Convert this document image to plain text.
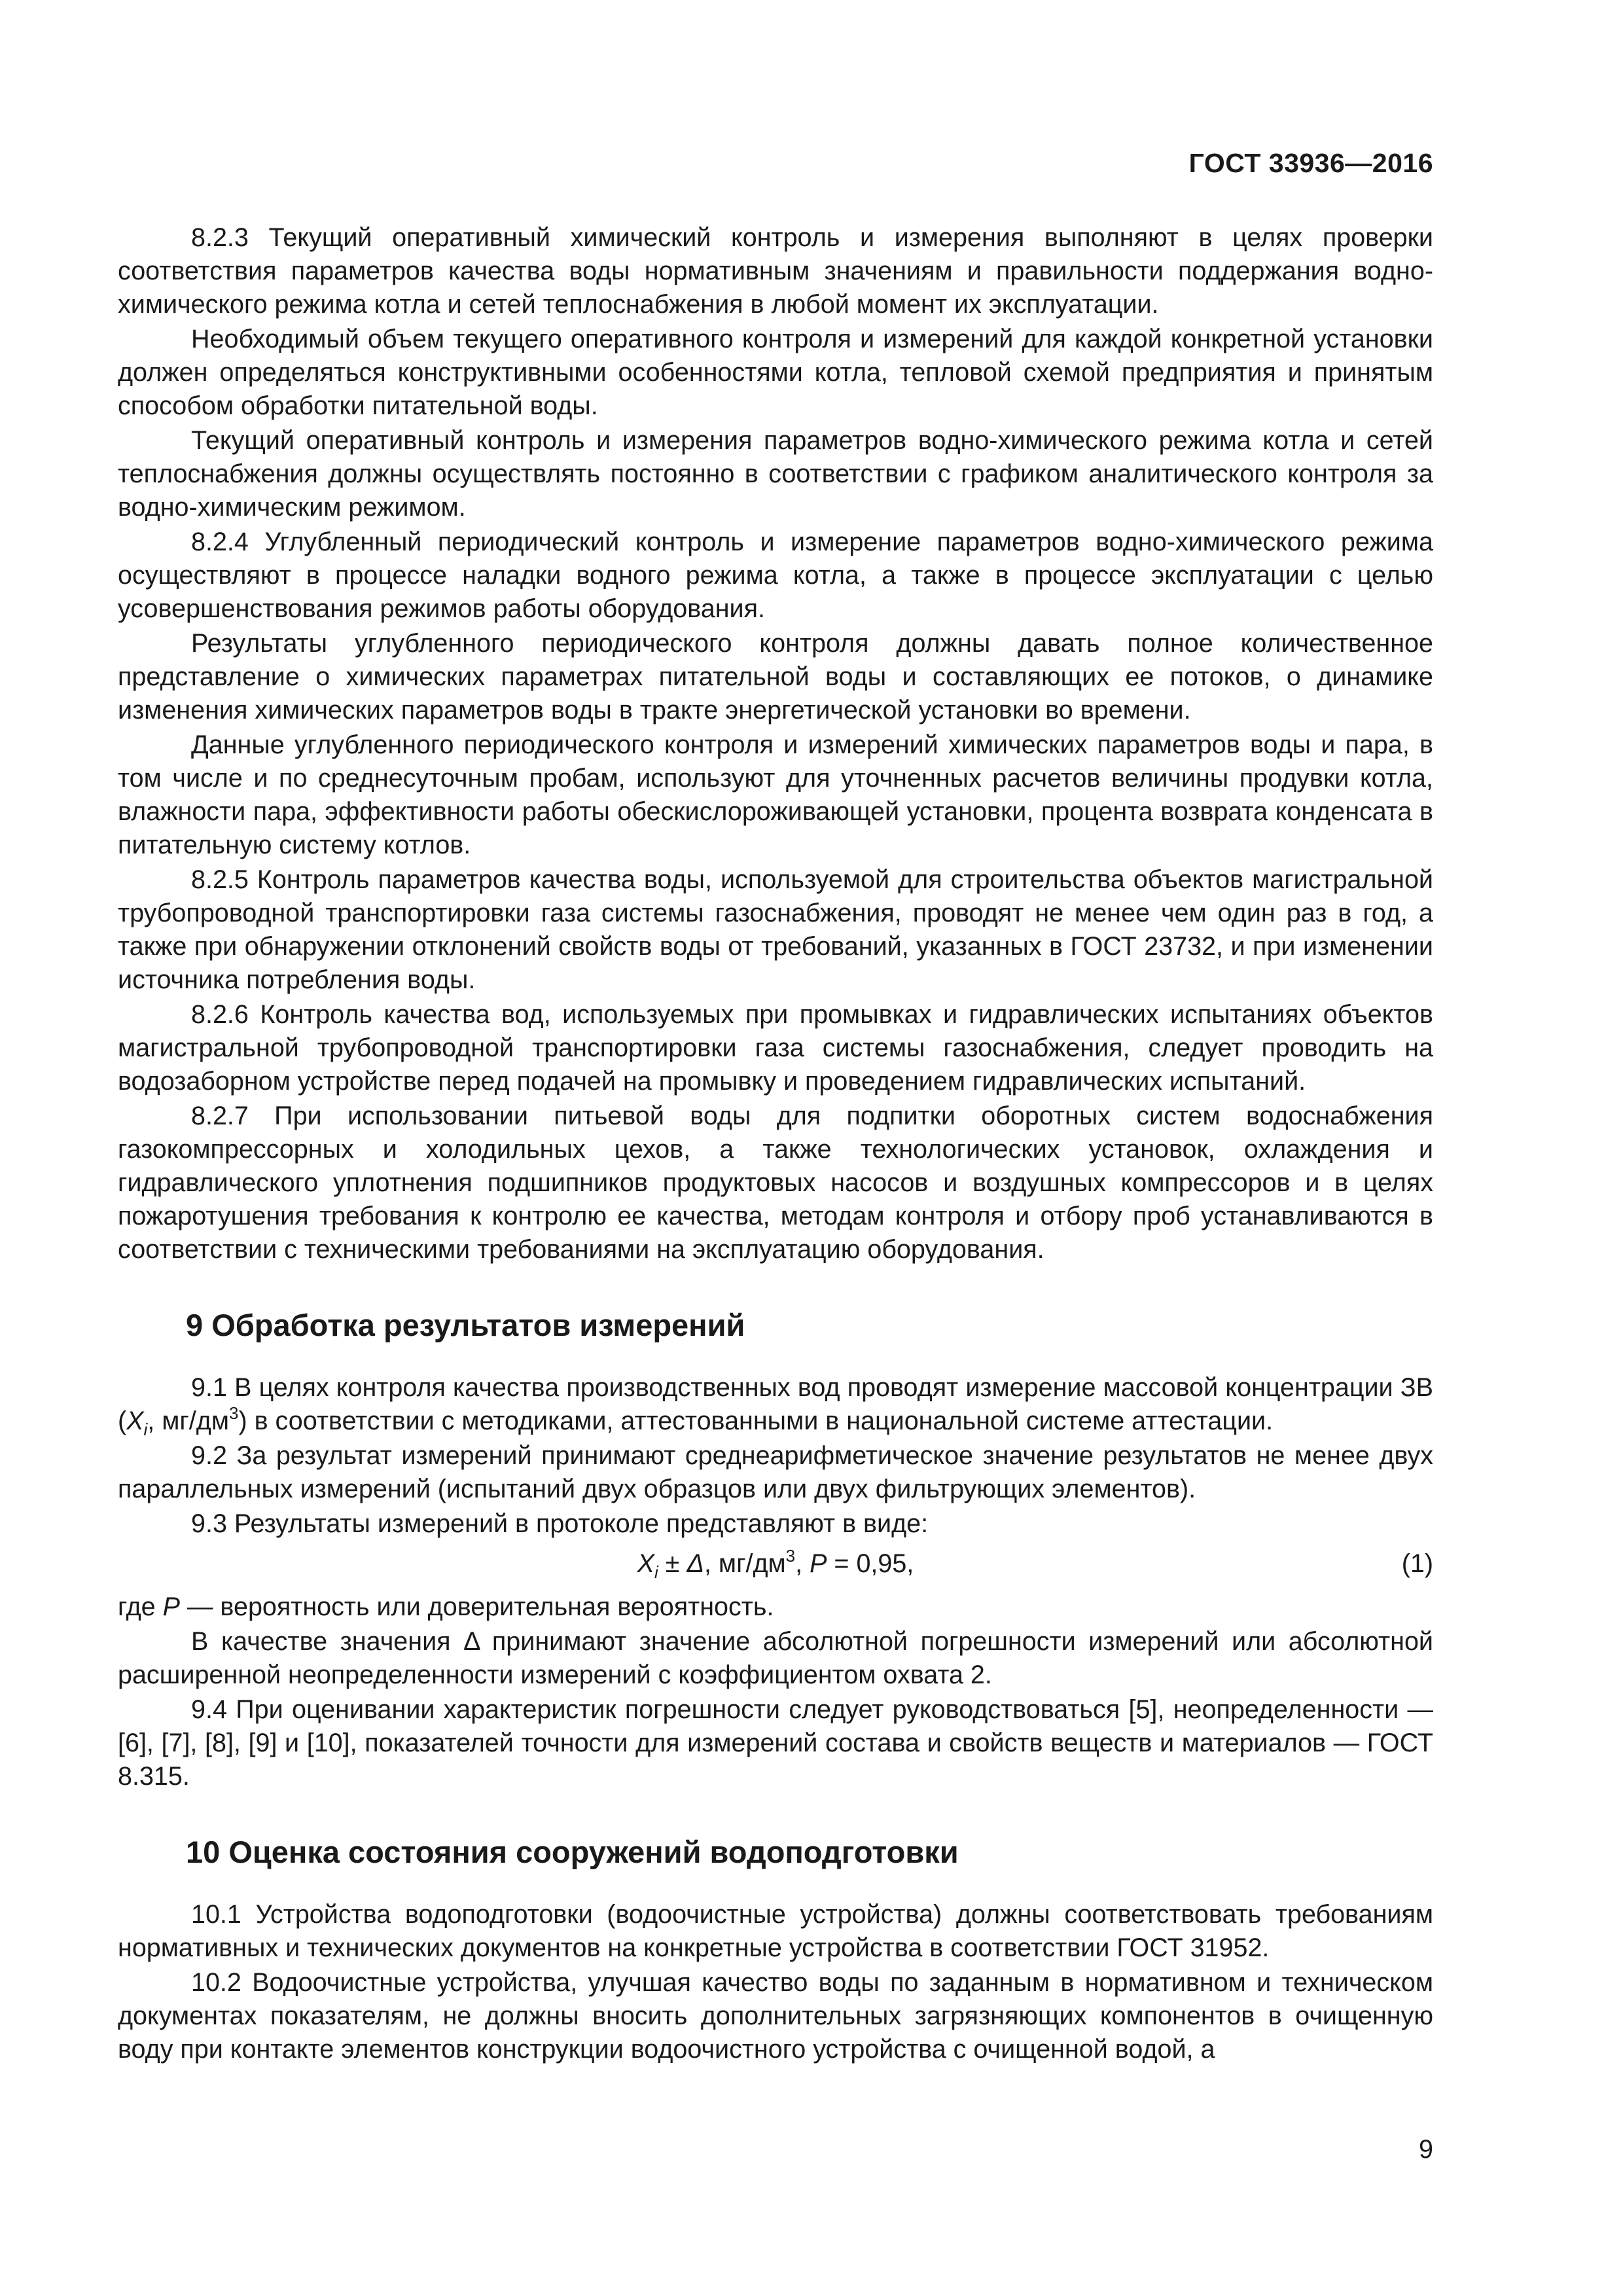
ГОСТ 33936—2016

8.2.3 Текущий оперативный химический контроль и измерения выполняют в целях проверки соответствия параметров качества воды нормативным значениям и правильности поддержания водно-химического режима котла и сетей теплоснабжения в любой момент их эксплуатации.

Необходимый объем текущего оперативного контроля и измерений для каждой конкретной установки должен определяться конструктивными особенностями котла, тепловой схемой предприятия и принятым способом обработки питательной воды.

Текущий оперативный контроль и измерения параметров водно-химического режима котла и сетей теплоснабжения должны осуществлять постоянно в соответствии с графиком аналитического контроля за водно-химическим режимом.

8.2.4 Углубленный периодический контроль и измерение параметров водно-химического режима осуществляют в процессе наладки водного режима котла, а также в процессе эксплуатации с целью усовершенствования режимов работы оборудования.

Результаты углубленного периодического контроля должны давать полное количественное представление о химических параметрах питательной воды и составляющих ее потоков, о динамике изменения химических параметров воды в тракте энергетической установки во времени.

Данные углубленного периодического контроля и измерений химических параметров воды и пара, в том числе и по среднесуточным пробам, используют для уточненных расчетов величины продувки котла, влажности пара, эффективности работы обескислороживающей установки, процента возврата конденсата в питательную систему котлов.

8.2.5 Контроль параметров качества воды, используемой для строительства объектов магистральной трубопроводной транспортировки газа системы газоснабжения, проводят не менее чем один раз в год, а также при обнаружении отклонений свойств воды от требований, указанных в ГОСТ 23732, и при изменении источника потребления воды.

8.2.6 Контроль качества вод, используемых при промывках и гидравлических испытаниях объектов магистральной трубопроводной транспортировки газа системы газоснабжения, следует проводить на водозаборном устройстве перед подачей на промывку и проведением гидравлических испытаний.

8.2.7 При использовании питьевой воды для подпитки оборотных систем водоснабжения газокомпрессорных и холодильных цехов, а также технологических установок, охлаждения и гидравлического уплотнения подшипников продуктовых насосов и воздушных компрессоров и в целях пожаротушения требования к контролю ее качества, методам контроля и отбору проб устанавливаются в соответствии с техническими требованиями на эксплуатацию оборудования.

9 Обработка результатов измерений

9.1 В целях контроля качества производственных вод проводят измерение массовой концентрации ЗВ ($X_i$, $мг/дм^3$) в соответствии с методиками, аттестованными в национальной системе аттестации.

9.2 За результат измерений принимают среднеарифметическое значение результатов не менее двух параллельных измерений (испытаний двух образцов или двух фильтрующих элементов).

9.3 Результаты измерений в протоколе представляют в виде:

$X_i \pm \Delta$, $мг/дм^3$, P = 0,95,	(1)

где P — вероятность или доверительная вероятность.

В качестве значения Δ принимают значение абсолютной погрешности измерений или абсолютной расширенной неопределенности измерений с коэффициентом охвата 2.

9.4 При оценивании характеристик погрешности следует руководствоваться [5], неопределенности — [6], [7], [8], [9] и [10], показателей точности для измерений состава и свойств веществ и материалов — ГОСТ 8.315.

10 Оценка состояния сооружений водоподготовки

10.1 Устройства водоподготовки (водоочистные устройства) должны соответствовать требованиям нормативных и технических документов на конкретные устройства в соответствии ГОСТ 31952.

10.2 Водоочистные устройства, улучшая качество воды по заданным в нормативном и техническом документах показателям, не должны вносить дополнительных загрязняющих компонентов в очищенную воду при контакте элементов конструкции водоочистного устройства с очищенной водой, а

9
